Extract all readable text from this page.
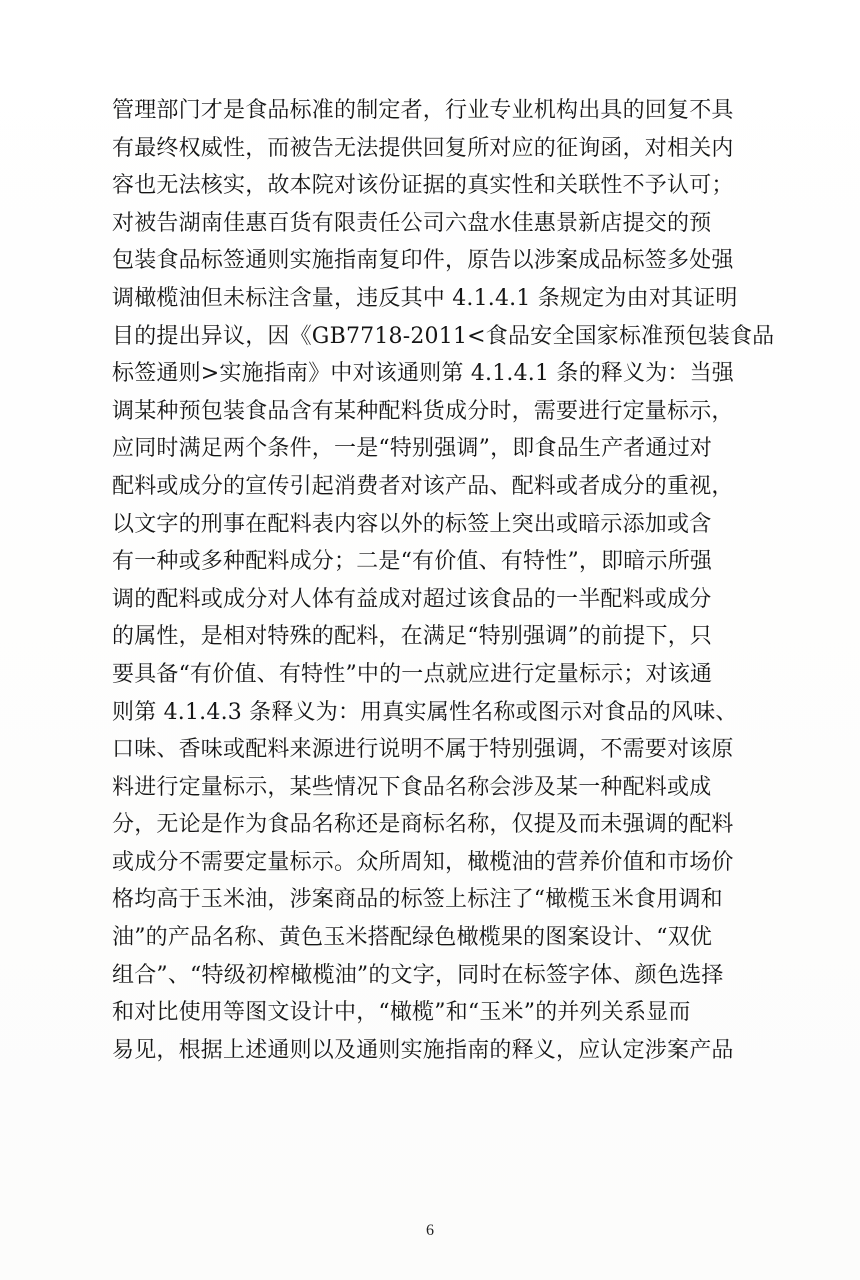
管理部门才是食品标准的制定者，行业专业机构出具的回复不具
有最终权威性，而被告无法提供回复所对应的征询函，对相关内
容也无法核实，故本院对该份证据的真实性和关联性不予认可；
对被告湖南佳惠百货有限责任公司六盘水佳惠景新店提交的预
包装食品标签通则实施指南复印件，原告以涉案成品标签多处强
调橄榄油但未标注含量，违反其中 4.1.4.1 条规定为由对其证明
目的提出异议，因《GB7718-2011<食品安全国家标准预包装食品
标签通则>实施指南》中对该通则第 4.1.4.1 条的释义为：当强
调某种预包装食品含有某种配料货成分时，需要进行定量标示，
应同时满足两个条件，一是“特别强调”，即食品生产者通过对
配料或成分的宣传引起消费者对该产品、配料或者成分的重视，
以文字的刑事在配料表内容以外的标签上突出或暗示添加或含
有一种或多种配料成分；二是“有价值、有特性”，即暗示所强
调的配料或成分对人体有益成对超过该食品的一半配料或成分
的属性，是相对特殊的配料，在满足“特别强调”的前提下，只
要具备“有价值、有特性”中的一点就应进行定量标示；对该通
则第 4.1.4.3 条释义为：用真实属性名称或图示对食品的风味、
口味、香味或配料来源进行说明不属于特别强调，不需要对该原
料进行定量标示，某些情况下食品名称会涉及某一种配料或成
分，无论是作为食品名称还是商标名称，仅提及而未强调的配料
或成分不需要定量标示。众所周知，橄榄油的营养价值和市场价
格均高于玉米油，涉案商品的标签上标注了“橄榄玉米食用调和
油”的产品名称、黄色玉米搭配绿色橄榄果的图案设计、“双优
组合”、“特级初榨橄榄油”的文字，同时在标签字体、颜色选择
和对比使用等图文设计中，“橄榄”和“玉米”的并列关系显而
易见，根据上述通则以及通则实施指南的释义，应认定涉案产品
6
